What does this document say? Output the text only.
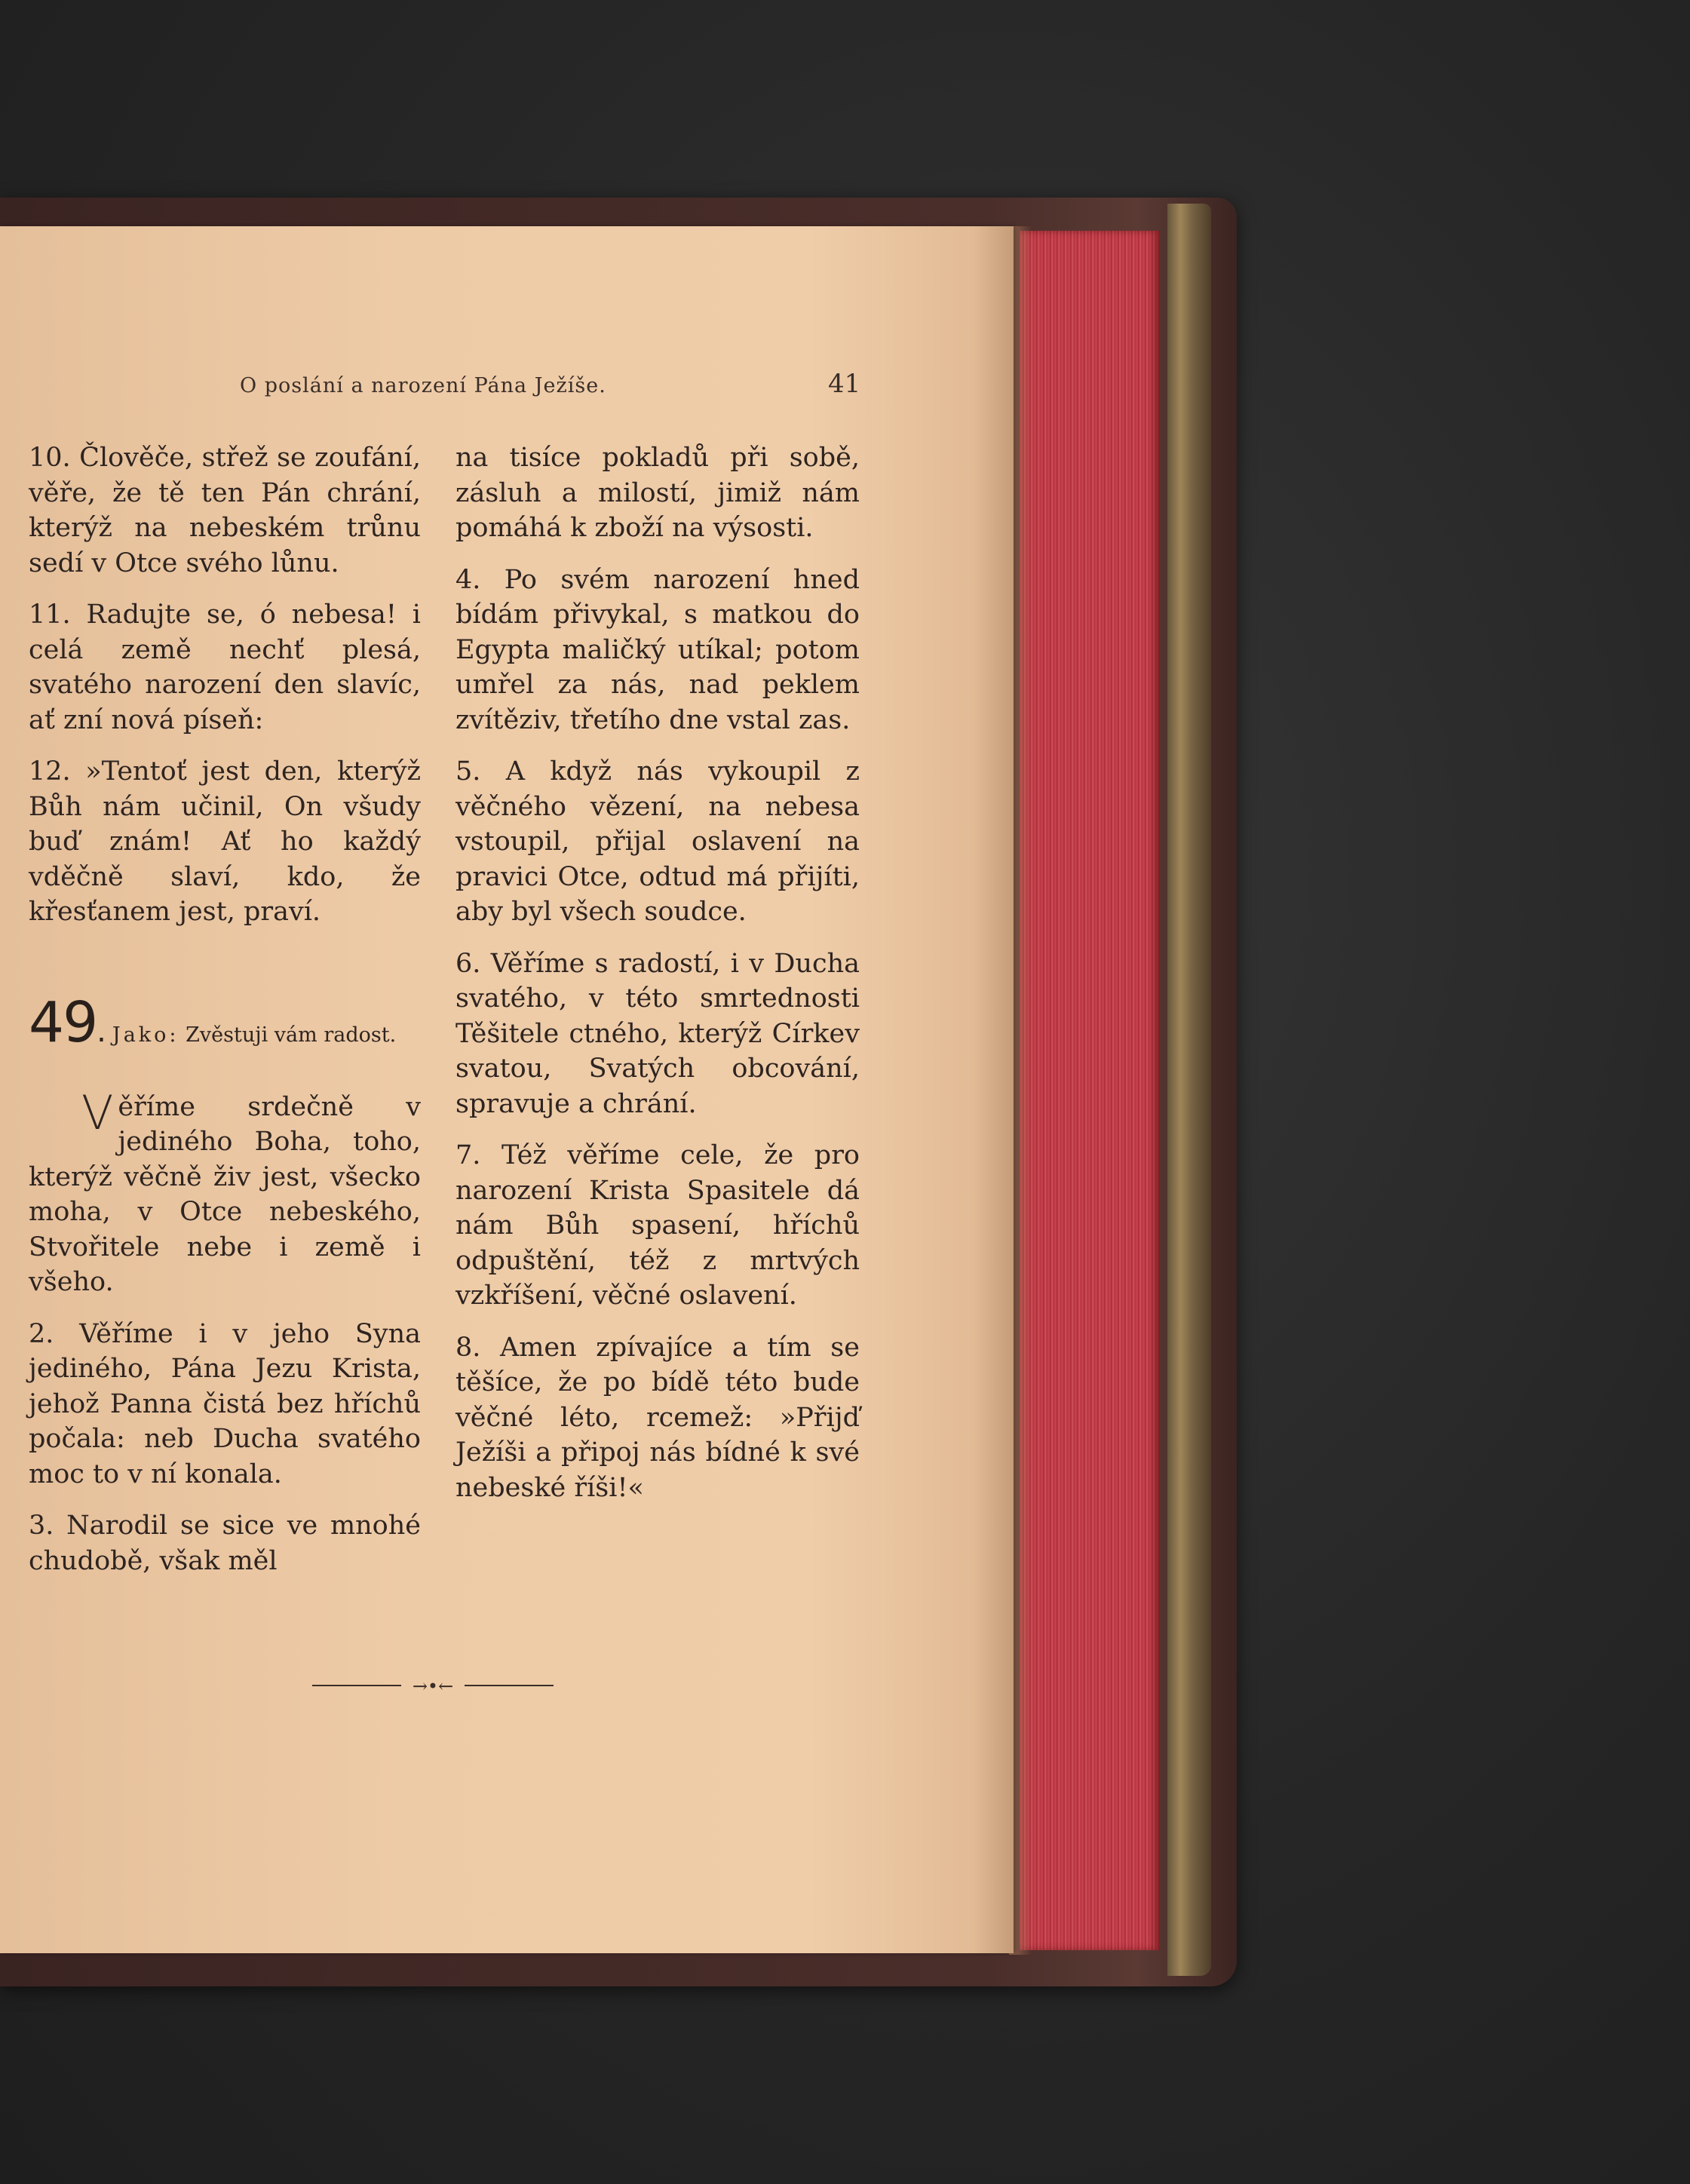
O poslání a narození Pána Ježíše.	41

10. Člověče, střež se zoufání, věře, že tě ten Pán chrání, kterýž na nebeském trůnu sedí v Otce svého lůnu.

11. Radujte se, ó nebesa! i celá země nechť plesá, svatého narození den slavíc, ať zní nová píseň:

12. »Tentoť jest den, kterýž Bůh nám učinil, On všudy buď znám! Ať ho každý vděčně slaví, kdo, že křesťanem jest, praví.

49 . Jako: Zvěstuji vám radost.

Věříme srdečně v jediného Boha, toho, kterýž věčně živ jest, všecko moha, v Otce nebeského, Stvořitele nebe i země i všeho.

2. Věříme i v jeho Syna jediného, Pána Jezu Krista, jehož Panna čistá bez hříchů počala: neb Ducha svatého moc to v ní konala.

3. Narodil se sice ve mnohé chudobě, však měl

na tisíce pokladů při sobě, zásluh a milostí, jimiž nám pomáhá k zboží na výsosti.

4. Po svém narození hned bídám přivykal, s matkou do Egypta maličký utíkal; potom umřel za nás, nad peklem zvítěziv, třetího dne vstal zas.

5. A když nás vykoupil z věčného vězení, na nebesa vstoupil, přijal oslavení na pravici Otce, odtud má přijíti, aby byl všech soudce.

6. Věříme s radostí, i v Ducha svatého, v této smrtednosti Těšitele ctného, kterýž Církev svatou, Svatých obcování, spravuje a chrání.

7. Též věříme cele, že pro narození Krista Spasitele dá nám Bůh spasení, hříchů odpuštění, též z mrtvých vzkříšení, věčné oslavení.

8. Amen zpívajíce a tím se těšíce, že po bídě této bude věčné léto, rcemež: »Přijď Ježíši a připoj nás bídné k své nebeské říši!«

→•←
